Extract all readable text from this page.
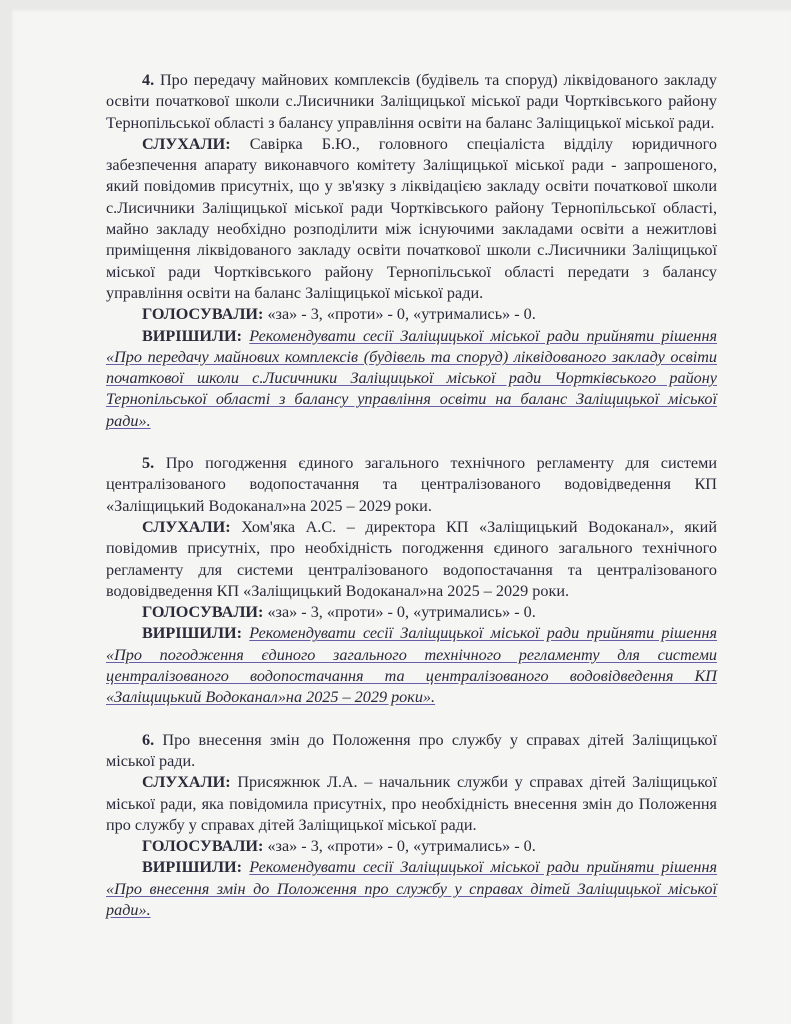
4. Про передачу майнових комплексів (будівель та споруд) ліквідованого закладу освіти початкової школи с.Лисичники Заліщицької міської ради Чортківського району Тернопільської області з балансу управління освіти на баланс Заліщицької міської ради.

СЛУХАЛИ: Савірка Б.Ю., головного спеціаліста відділу юридичного забезпечення апарату виконавчого комітету Заліщицької міської ради - запрошеного, який повідомив присутніх, що у зв'язку з ліквідацією закладу освіти початкової школи с.Лисичники Заліщицької міської ради Чортківського району Тернопільської області, майно закладу необхідно розподілити між існуючими закладами освіти а нежитлові приміщення ліквідованого закладу освіти початкової школи с.Лисичники Заліщицької міської ради Чортківського району Тернопільської області передати з балансу управління освіти на баланс Заліщицької міської ради.

ГОЛОСУВАЛИ: «за» - 3, «проти» - 0, «утримались» - 0.

ВИРІШИЛИ: Рекомендувати сесії Заліщицької міської ради прийняти рішення «Про передачу майнових комплексів (будівель та споруд) ліквідованого закладу освіти початкової школи с.Лисичники Заліщицької міської ради Чортківського району Тернопільської області з балансу управління освіти на баланс Заліщицької міської ради».

5. Про погодження єдиного загального технічного регламенту для системи централізованого водопостачання та централізованого водовідведення КП «Заліщицький Водоканал»на 2025 – 2029 роки.

СЛУХАЛИ: Хом'яка А.С. – директора КП «Заліщицький Водоканал», який повідомив присутніх, про необхідність погодження єдиного загального технічного регламенту для системи централізованого водопостачання та централізованого водовідведення КП «Заліщицький Водоканал»на 2025 – 2029 роки.

ГОЛОСУВАЛИ: «за» - 3, «проти» - 0, «утримались» - 0.

ВИРІШИЛИ: Рекомендувати сесії Заліщицької міської ради прийняти рішення «Про погодження єдиного загального технічного регламенту для системи централізованого водопостачання та централізованого водовідведення КП «Заліщицький Водоканал»на 2025 – 2029 роки».

6. Про внесення змін до Положення про службу у справах дітей Заліщицької міської ради.

СЛУХАЛИ: Присяжнюк Л.А. – начальник служби у справах дітей Заліщицької міської ради, яка повідомила присутніх, про необхідність внесення змін до Положення про службу у справах дітей Заліщицької міської ради.

ГОЛОСУВАЛИ: «за» - 3, «проти» - 0, «утримались» - 0.

ВИРІШИЛИ: Рекомендувати сесії Заліщицької міської ради прийняти рішення «Про внесення змін до Положення про службу у справах дітей Заліщицької міської ради».
